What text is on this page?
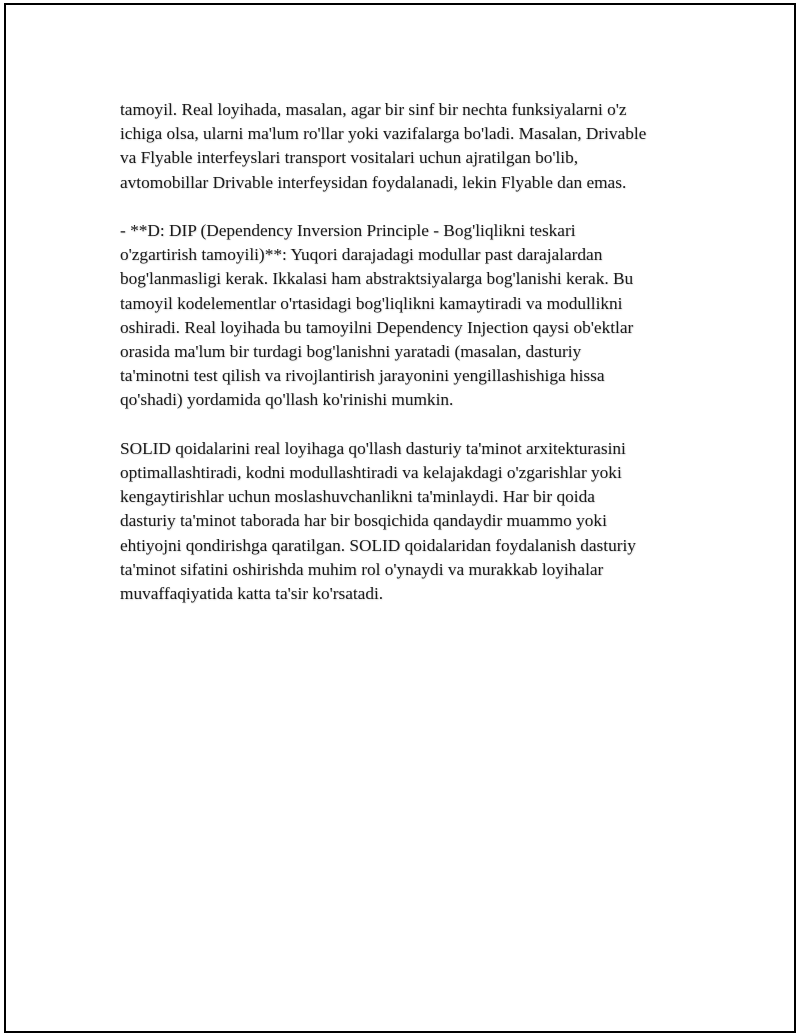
tamoyil. Real loyihada, masalan, agar bir sinf bir nechta funksiyalarni o'z
ichiga olsa, ularni ma'lum ro'llar yoki vazifalarga bo'ladi. Masalan, Drivable
va Flyable interfeyslari transport vositalari uchun ajratilgan bo'lib,
avtomobillar Drivable interfeysidan foydalanadi, lekin Flyable dan emas.

- **D: DIP (Dependency Inversion Principle - Bog'liqlikni teskari
o'zgartirish tamoyili)**: Yuqori darajadagi modullar past darajalardan
bog'lanmasligi kerak. Ikkalasi ham abstraktsiyalarga bog'lanishi kerak. Bu
tamoyil kodelementlar o'rtasidagi bog'liqlikni kamaytiradi va modullikni
oshiradi. Real loyihada bu tamoyilni Dependency Injection qaysi ob'ektlar
orasida ma'lum bir turdagi bog'lanishni yaratadi (masalan, dasturiy
ta'minotni test qilish va rivojlantirish jarayonini yengillashishiga hissa
qo'shadi) yordamida qo'llash ko'rinishi mumkin.

SOLID qoidalarini real loyihaga qo'llash dasturiy ta'minot arxitekturasini
optimallashtiradi, kodni modullashtiradi va kelajakdagi o'zgarishlar yoki
kengaytirishlar uchun moslashuvchanlikni ta'minlaydi. Har bir qoida
dasturiy ta'minot taborada har bir bosqichida qandaydir muammo yoki
ehtiyojni qondirishga qaratilgan. SOLID qoidalaridan foydalanish dasturiy
ta'minot sifatini oshirishda muhim rol o'ynaydi va murakkab loyihalar
muvaffaqiyatida katta ta'sir ko'rsatadi.
